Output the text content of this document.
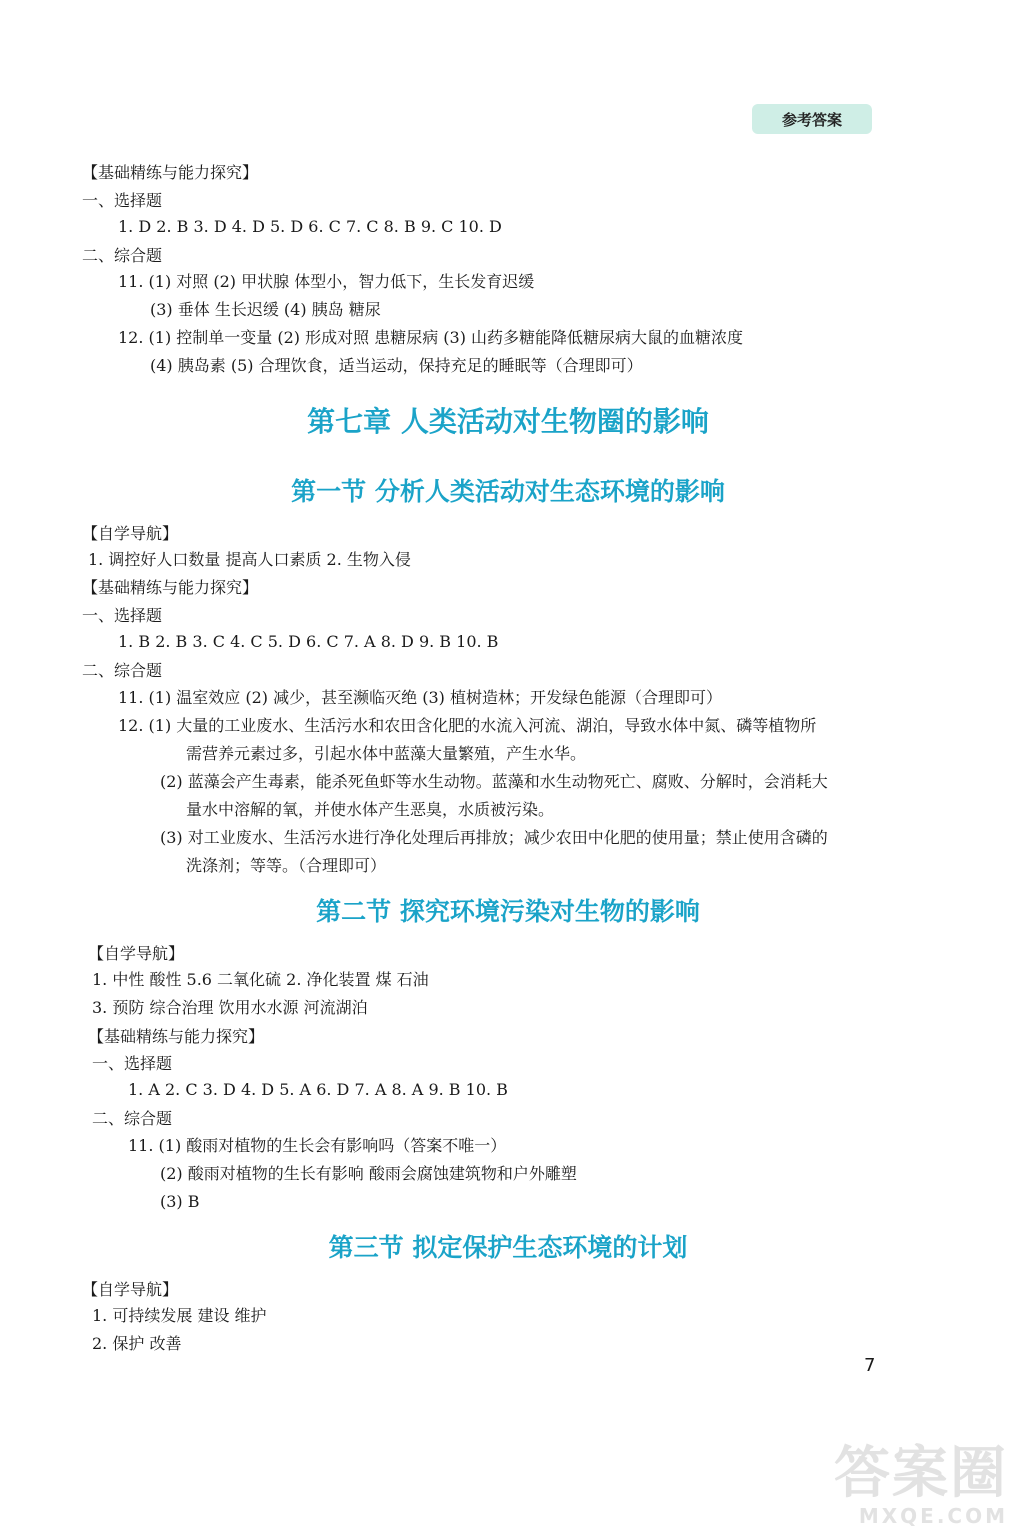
参考答案
【基础精练与能力探究】
一、选择题
1. D 2. B 3. D 4. D 5. D 6. C 7. C 8. B 9. C 10. D
二、综合题
11. (1) 对照 (2) 甲状腺 体型小，智力低下，生长发育迟缓
(3) 垂体 生长迟缓 (4) 胰岛 糖尿
12. (1) 控制单一变量 (2) 形成对照 患糖尿病 (3) 山药多糖能降低糖尿病大鼠的血糖浓度
(4) 胰岛素 (5) 合理饮食，适当运动，保持充足的睡眠等（合理即可）
第七章 人类活动对生物圈的影响
第一节 分析人类活动对生态环境的影响
【自学导航】
1. 调控好人口数量 提高人口素质 2. 生物入侵
【基础精练与能力探究】
一、选择题
1. B 2. B 3. C 4. C 5. D 6. C 7. A 8. D 9. B 10. B
二、综合题
11. (1) 温室效应 (2) 减少，甚至濒临灭绝 (3) 植树造林；开发绿色能源（合理即可）
12. (1) 大量的工业废水、生活污水和农田含化肥的水流入河流、湖泊，导致水体中氮、磷等植物所
需营养元素过多，引起水体中蓝藻大量繁殖，产生水华。
(2) 蓝藻会产生毒素，能杀死鱼虾等水生动物。蓝藻和水生动物死亡、腐败、分解时，会消耗大
量水中溶解的氧，并使水体产生恶臭，水质被污染。
(3) 对工业废水、生活污水进行净化处理后再排放；减少农田中化肥的使用量；禁止使用含磷的
洗涤剂；等等。（合理即可）
第二节 探究环境污染对生物的影响
【自学导航】
1. 中性 酸性 5.6 二氧化硫 2. 净化装置 煤 石油
3. 预防 综合治理 饮用水水源 河流湖泊
【基础精练与能力探究】
一、选择题
1. A 2. C 3. D 4. D 5. A 6. D 7. A 8. A 9. B 10. B
二、综合题
11. (1) 酸雨对植物的生长会有影响吗（答案不唯一）
(2) 酸雨对植物的生长有影响 酸雨会腐蚀建筑物和户外雕塑
(3) B
第三节 拟定保护生态环境的计划
【自学导航】
1. 可持续发展 建设 维护
2. 保护 改善
7
答案圈
MXQE.COM
